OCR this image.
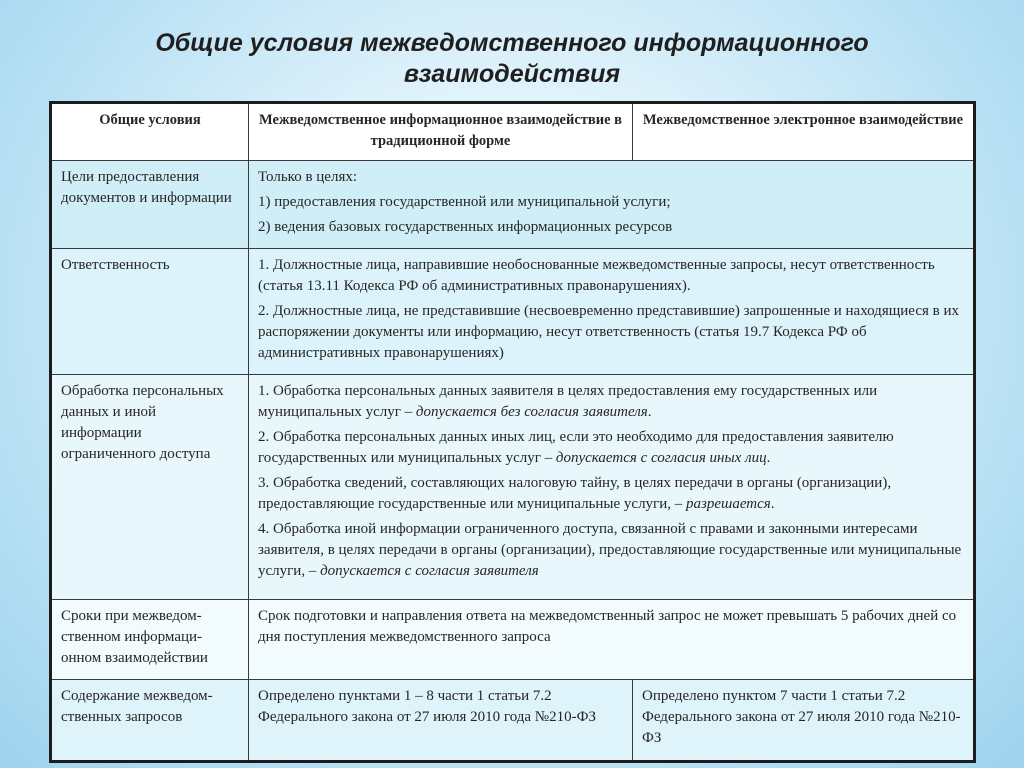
Общие условия межведомственного информационного
взаимодействия
Общие условия	Межведомственное информационное взаимодействие в традиционной форме	Межведомственное электронное взаимодействие
Цели предоставления документов и информации	Только в целях:

1) предоставления государственной или муниципальной услуги;

2) ведения базовых государственных информационных ресурсов	

Ответственность	1. Должностные лица, направившие необоснованные межведомственные запросы, несут ответственность (статья 13.11 Кодекса РФ об административных правонарушениях).

2. Должностные лица, не представившие (несвоевременно представившие) запрошенные и находящиеся в их распоряжении документы или информацию, несут ответственность (статья 19.7 Кодекса РФ об административных правонарушениях)	

Обработка персональных данных и иной информации ограниченного доступа	1. Обработка персональных данных заявителя в целях предоставления ему государственных или муниципальных услуг – допускается без согласия заявителя.

2. Обработка персональных данных иных лиц, если это необходимо для предоставления заявителю государственных или муниципальных услуг – допускается с согласия иных лиц.

3. Обработка сведений, составляющих налоговую тайну, в целях передачи в органы (организации), предоставляющие государственные или муниципальные услуги, – разрешается.

4. Обработка иной информации ограниченного доступа, связанной с правами и законными интересами заявителя, в целях передачи в органы (организации), предоставляющие государственные или муниципальные услуги, – допускается с согласия заявителя	

Сроки при межведом-ственном информаци-онном взаимодействии	Срок подготовки и направления ответа на межведомственный запрос не может превышать 5 рабочих дней со дня поступления межведомственного запроса	
Содержание межведом-ственных запросов	Определено пунктами 1 – 8 части 1 статьи 7.2 Федерального закона от 27 июля 2010 года №210-ФЗ	Определено пунктом 7 части 1 статьи 7.2 Федерального закона от 27 июля 2010 года №210-ФЗ
